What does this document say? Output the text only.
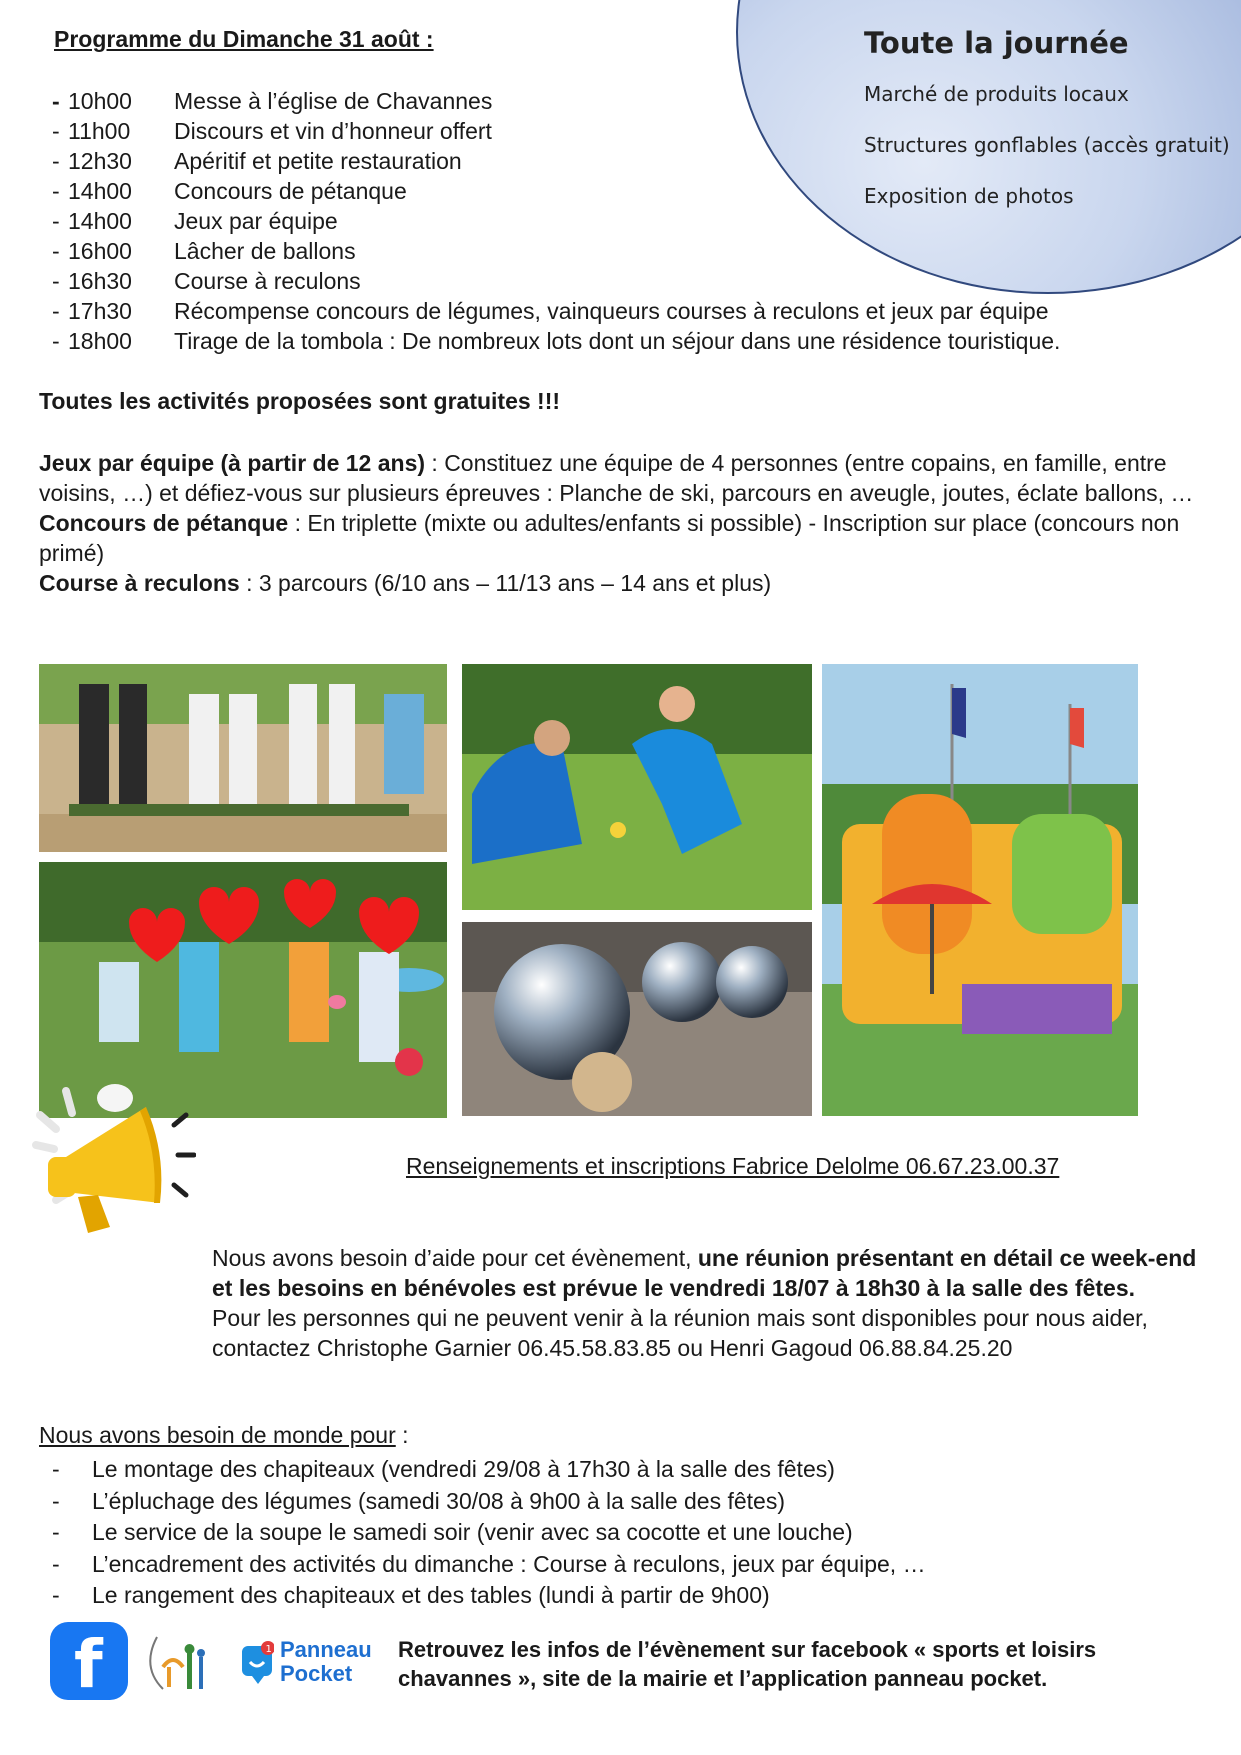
Toute la journée
Marché de produits locaux
Structures gonflables (accès gratuit)
Exposition de photos
Programme du Dimanche 31 août :
- 10h00	Messe à l’église de Chavannes
- 11h00	Discours et vin d’honneur offert
- 12h30	Apéritif et petite restauration
- 14h00	Concours de pétanque
- 14h00	Jeux par équipe
- 16h00	Lâcher de ballons
- 16h30	Course à reculons
- 17h30	Récompense concours de légumes, vainqueurs courses à reculons et jeux par équipe
- 18h00	Tirage de la tombola : De nombreux lots dont un séjour dans une résidence touristique.
Toutes les activités proposées sont gratuites !!!
Jeux par équipe (à partir de 12 ans) : Constituez une équipe de 4 personnes (entre copains, en famille, entre voisins, …) et défiez-vous sur plusieurs épreuves : Planche de ski, parcours en aveugle, joutes, éclate ballons, …
Concours de pétanque : En triplette (mixte ou adultes/enfants si possible) - Inscription sur place (concours non primé)
Course à reculons : 3 parcours (6/10 ans – 11/13 ans – 14 ans et plus)
Renseignements et inscriptions Fabrice Delolme 06.67.23.00.37
Nous avons besoin d’aide pour cet évènement, une réunion présentant en détail ce week-end et les besoins en bénévoles est prévue le vendredi 18/07 à 18h30 à la salle des fêtes.
Pour les personnes qui ne peuvent venir à la réunion mais sont disponibles pour nous aider, contactez Christophe Garnier 06.45.58.83.85 ou Henri Gagoud 06.88.84.25.20
Nous avons besoin de monde pour :
-	Le montage des chapiteaux (vendredi 29/08 à 17h30 à la salle des fêtes)
-	L’épluchage des légumes (samedi 30/08 à 9h00 à la salle des fêtes)
-	Le service de la soupe le samedi soir (venir avec sa cocotte et une louche)
-	L’encadrement des activités du dimanche : Course à reculons, jeux par équipe, …
-	Le rangement des chapiteaux et des tables (lundi à partir de 9h00)
f	1 Panneau
Pocket
Retrouvez les infos de l’évènement sur facebook « sports et loisirs chavannes », site de la mairie et l’application panneau pocket.
